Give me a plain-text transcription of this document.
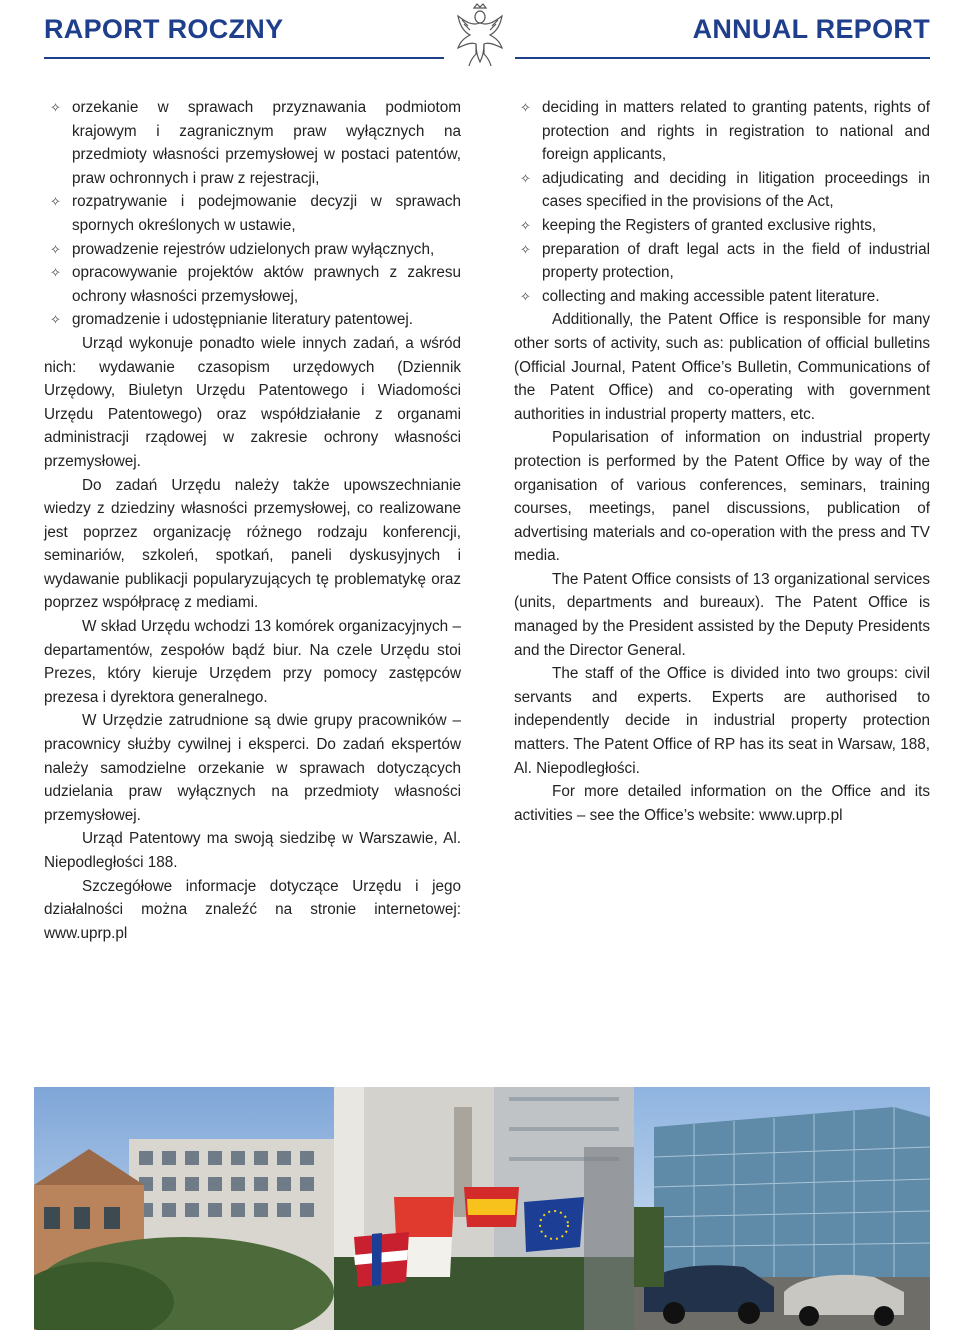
RAPORT ROCZNY	ANNUAL REPORT
✧ orzekanie w sprawach przyznawania podmiotom krajowym i zagranicznym praw wyłącznych na przedmioty własności przemysłowej w postaci patentów, praw ochronnych i praw z rejestracji,
✧ rozpatrywanie i podejmowanie decyzji w sprawach spornych określonych w ustawie,
✧ prowadzenie rejestrów udzielonych praw wyłącznych,
✧ opracowywanie projektów aktów prawnych z zakresu ochrony własności przemysłowej,
✧ gromadzenie i udostępnianie literatury patentowej.

Urząd wykonuje ponadto wiele innych zadań, a wśród nich: wydawanie czasopism urzędowych (Dziennik Urzędowy, Biuletyn Urzędu Patentowego i Wiadomości Urzędu Patentowego) oraz współdziałanie z organami administracji rządowej w zakresie ochrony własności przemysłowej.

Do zadań Urzędu należy także upowszechnianie wiedzy z dziedziny własności przemysłowej, co realizowane jest poprzez organizację różnego rodzaju konferencji, seminariów, szkoleń, spotkań, paneli dyskusyjnych i wydawanie publikacji popularyzujących tę problematykę oraz poprzez współpracę z mediami.

W skład Urzędu wchodzi 13 komórek organizacyjnych – departamentów, zespołów bądź biur. Na czele Urzędu stoi Prezes, który kieruje Urzędem przy pomocy zastępców prezesa i dyrektora generalnego.

W Urzędzie zatrudnione są dwie grupy pracowników – pracownicy służby cywilnej i eksperci. Do zadań ekspertów należy samodzielne orzekanie w sprawach dotyczących udzielania praw wyłącznych na przedmioty własności przemysłowej.

Urząd Patentowy ma swoją siedzibę w Warszawie, Al. Niepodległości 188.

Szczegółowe informacje dotyczące Urzędu i jego działalności można znaleźć na stronie internetowej: www.uprp.pl

✧ deciding in matters related to granting patents, rights of protection and rights in registration to national and foreign applicants,
✧ adjudicating and deciding in litigation proceedings in cases specified in the provisions of the Act,
✧ keeping the Registers of granted exclusive rights,
✧ preparation of draft legal acts in the field of industrial property protection,
✧ collecting and making accessible patent literature.

Additionally, the Patent Office is responsible for many other sorts of activity, such as: publication of official bulletins (Official Journal, Patent Office’s Bulletin, Communications of the Patent Office) and co-operating with government authorities in industrial property matters, etc.

Popularisation of information on industrial property protection is performed by the Patent Office by way of the organisation of various conferences, seminars, training courses, meetings, panel discussions, publication of advertising materials and co-operation with the press and TV media.

The Patent Office consists of 13 organizational services (units, departments and bureaux). The Patent Office is managed by the President assisted by the Deputy Presidents and the Director General.

The staff of the Office is divided into two groups: civil servants and experts. Experts are authorised to independently decide in industrial property protection matters. The Patent Office of RP has its seat in Warsaw, 188, Al. Niepodległości.

For more detailed information on the Office and its activities – see the Office’s website: www.uprp.pl
